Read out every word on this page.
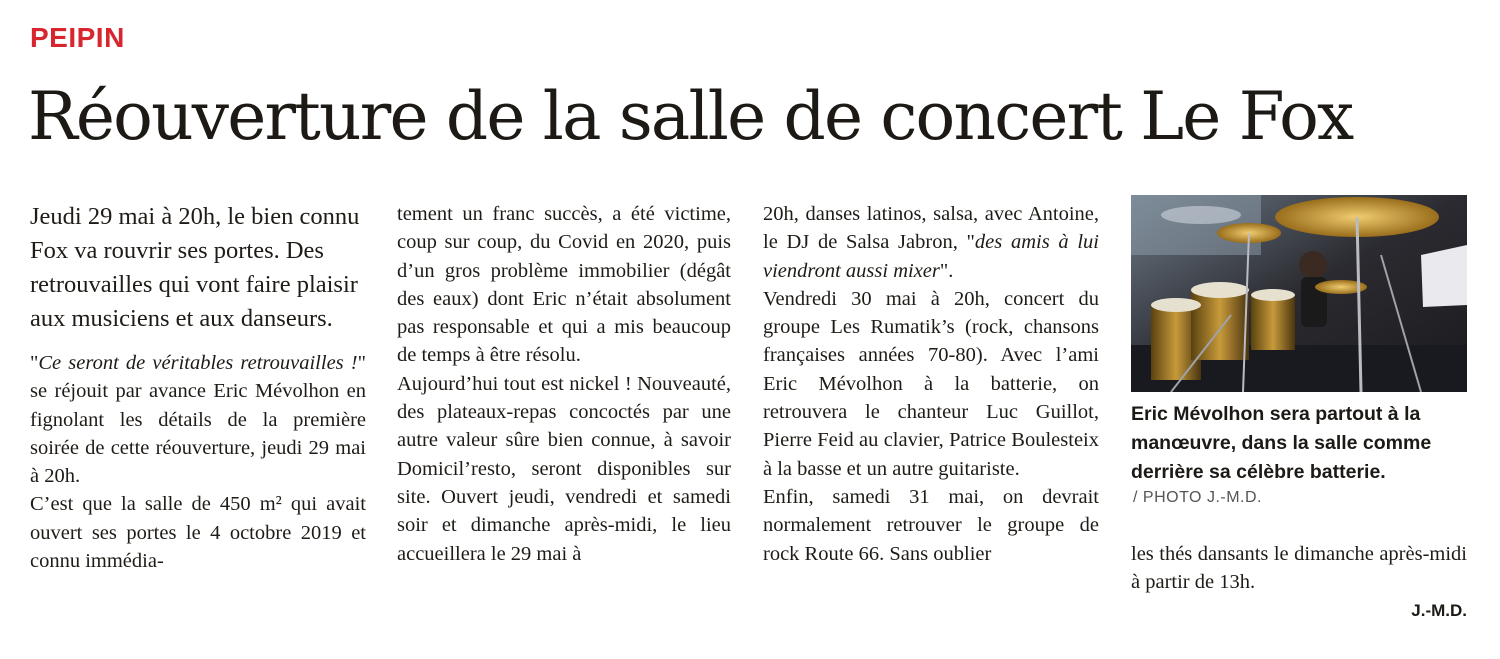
PEIPIN
Réouverture de la salle de concert Le Fox

Jeudi 29 mai à 20h, le bien connu Fox va rouvrir ses portes. Des retrouvailles qui vont faire plaisir aux musiciens et aux danseurs.

"Ce seront de véritables retrouvailles !" se réjouit par avance Eric Mévolhon en fignolant les détails de la première soirée de cette réouverture, jeudi 29 mai à 20h.

C’est que la salle de 450 m² qui avait ouvert ses portes le 4 octobre 2019 et connu immédia-

tement un franc succès, a été victime, coup sur coup, du Covid en 2020, puis d’un gros problème immobilier (dégât des eaux) dont Eric n’était absolument pas responsable et qui a mis beaucoup de temps à être résolu.

Aujourd’hui tout est nickel ! Nouveauté, des plateaux-repas concoctés par une autre valeur sûre bien connue, à savoir Domicil’resto, seront disponibles sur site. Ouvert jeudi, vendredi et samedi soir et dimanche après-midi, le lieu accueillera le 29 mai à

20h, danses latinos, salsa, avec Antoine, le DJ de Salsa Jabron, "des amis à lui viendront aussi mixer".

Vendredi 30 mai à 20h, concert du groupe Les Rumatik’s (rock, chansons françaises années 70-80). Avec l’ami Eric Mévolhon à la batterie, on retrouvera le chanteur Luc Guillot, Pierre Feid au clavier, Patrice Boulesteix à la basse et un autre guitariste.

Enfin, samedi 31 mai, on devrait normalement retrouver le groupe de rock Route 66. Sans oublier

Eric Mévolhon sera partout à la manœuvre, dans la salle comme derrière sa célèbre batterie.

/ PHOTO J.-M.D.

les thés dansants le dimanche après-midi à partir de 13h.

J.-M.D.
